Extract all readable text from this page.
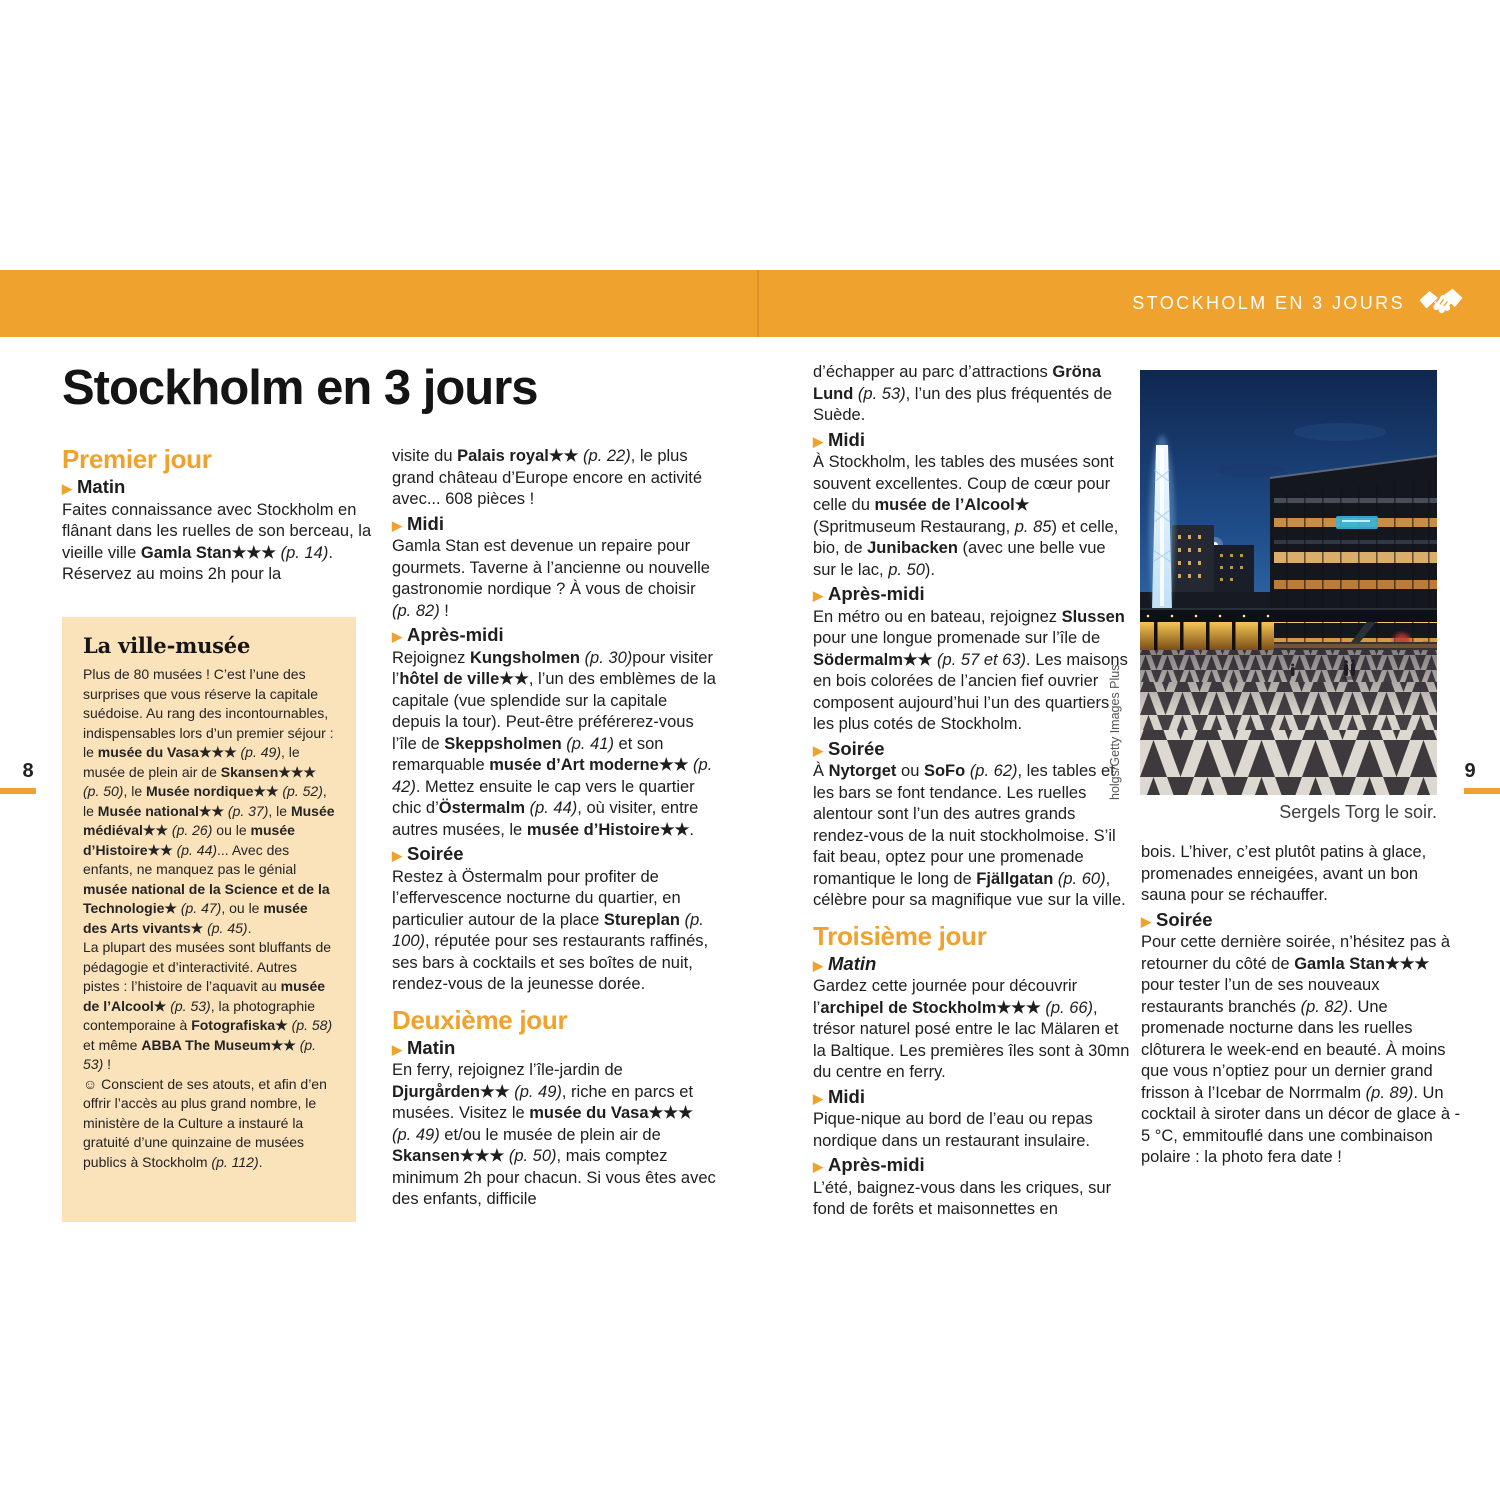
STOCKHOLM EN 3 JOURS
Stockholm en 3 jours
Premier jour
▶ Matin

Faites connaissance avec Stockholm en flânant dans les ruelles de son berceau, la vieille ville Gamla Stan★★★ (p. 14). Réservez au moins 2h pour la

La ville-musée

Plus de 80 musées ! C’est l’une des surprises que vous réserve la capitale suédoise. Au rang des incontournables, indispensables lors d’un premier séjour : le musée du Vasa★★★ (p. 49), le musée de plein air de Skansen★★★ (p. 50), le Musée nordique★★ (p. 52), le Musée national★★ (p. 37), le Musée médiéval★★ (p. 26) ou le musée d’Histoire★★ (p. 44)... Avec des enfants, ne manquez pas le génial musée national de la Science et de la Technologie★ (p. 47), ou le musée des Arts vivants★ (p. 45).

La plupart des musées sont bluffants de pédagogie et d’interactivité. Autres pistes : l’histoire de l’aquavit au musée de l’Alcool★ (p. 53), la photographie contemporaine à Fotografiska★ (p. 58) et même ABBA The Museum★★ (p. 53) !

☺ Conscient de ses atouts, et afin d’en offrir l’accès au plus grand nombre, le ministère de la Culture a instauré la gratuité d’une quinzaine de musées publics à Stockholm (p. 112).

visite du Palais royal★★ (p. 22), le plus grand château d’Europe encore en activité avec... 608 pièces !

▶ Midi

Gamla Stan est devenue un repaire pour gourmets. Taverne à l’ancienne ou nouvelle gastronomie nordique ? À vous de choisir (p. 82) !

▶ Après-midi

Rejoignez Kungsholmen (p. 30)pour visiter l’hôtel de ville★★, l’un des emblèmes de la capitale (vue splendide sur la capitale depuis la tour). Peut-être préférerez-vous l’île de Skeppsholmen (p. 41) et son remarquable musée d’Art moderne★★ (p. 42). Mettez ensuite le cap vers le quartier chic d’Östermalm (p. 44), où visiter, entre autres musées, le musée d’Histoire★★.

▶ Soirée

Restez à Östermalm pour profiter de l’effervescence nocturne du quartier, en particulier autour de la place Stureplan (p. 100), réputée pour ses restaurants raffinés, ses bars à cocktails et ses boîtes de nuit, rendez-vous de la jeunesse dorée.

Deuxième jour
▶ Matin

En ferry, rejoignez l’île-jardin de Djurgården★★ (p. 49), riche en parcs et musées. Visitez le musée du Vasa★★★ (p. 49) et/ou le musée de plein air de Skansen★★★ (p. 50), mais comptez minimum 2h pour chacun. Si vous êtes avec des enfants, difficile

d’échapper au parc d’attractions Gröna Lund (p. 53), l’un des plus fréquentés de Suède.

▶ Midi

À Stockholm, les tables des musées sont souvent excellentes. Coup de cœur pour celle du musée de l’Alcool★ (Spritmuseum Restaurang, p. 85) et celle, bio, de Junibacken (avec une belle vue sur le lac, p. 50).

▶ Après-midi

En métro ou en bateau, rejoignez Slussen pour une longue promenade sur l’île de Södermalm★★ (p. 57 et 63). Les maisons en bois colorées de l’ancien fief ouvrier composent aujourd’hui l’un des quartiers les plus cotés de Stockholm.

▶ Soirée

À Nytorget ou SoFo (p. 62), les tables et les bars se font tendance. Les ruelles alentour sont l’un des autres grands rendez-vous de la nuit stockholmoise. S’il fait beau, optez pour une promenade romantique le long de Fjällgatan (p. 60), célèbre pour sa magnifique vue sur la ville.

Troisième jour
▶ Matin

Gardez cette journée pour découvrir l’archipel de Stockholm★★★ (p. 66), trésor naturel posé entre le lac Mälaren et la Baltique. Les premières îles sont à 30mn du centre en ferry.

▶ Midi

Pique-nique au bord de l’eau ou repas nordique dans un restaurant insulaire.

▶ Après-midi

L’été, baignez-vous dans les criques, sur fond de forêts et maisonnettes en

holgs/Getty Images Plus
Sergels Torg le soir.

bois. L’hiver, c’est plutôt patins à glace, promenades enneigées, avant un bon sauna pour se réchauffer.

▶ Soirée

Pour cette dernière soirée, n’hésitez pas à retourner du côté de Gamla Stan★★★ pour tester l’un de ses nouveaux restaurants branchés (p. 82). Une promenade nocturne dans les ruelles clôturera le week-end en beauté. À moins que vous n’optiez pour un dernier grand frisson à l’Icebar de Norrmalm (p. 89). Un cocktail à siroter dans un décor de glace à - 5 °C, emmitouflé dans une combinaison polaire : la photo fera date !

8	9
